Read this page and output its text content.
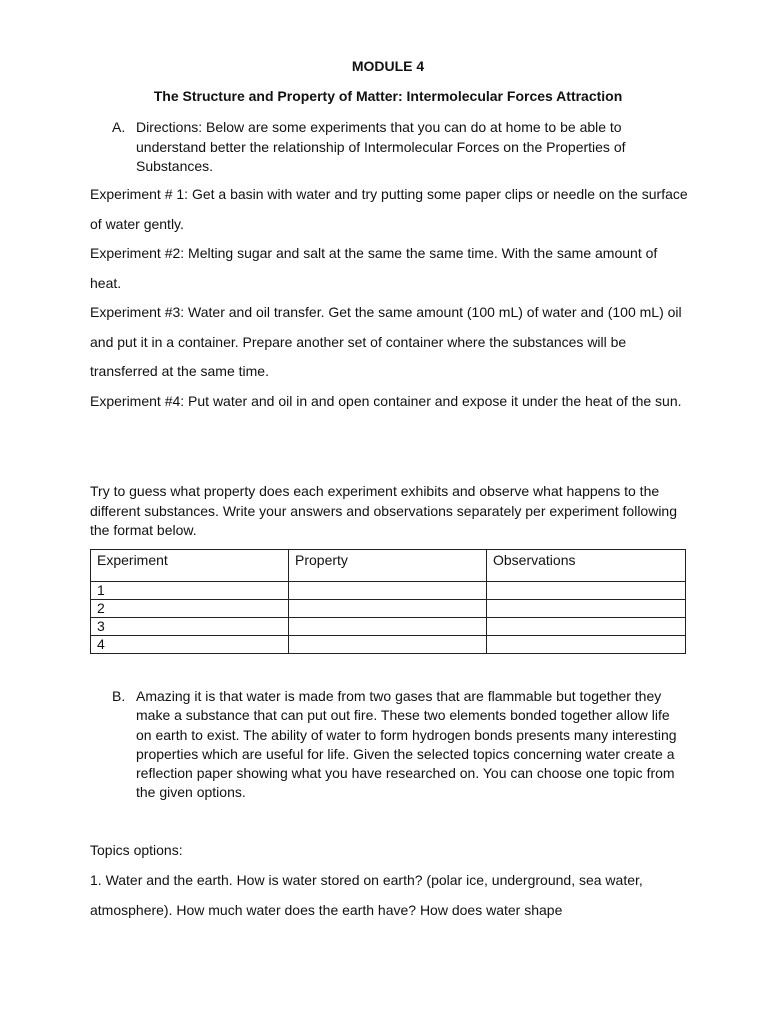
MODULE 4
The Structure and Property of Matter: Intermolecular Forces Attraction
A. Directions: Below are some experiments that you can do at home to be able to understand better the relationship of Intermolecular Forces on the Properties of Substances.
Experiment # 1: Get a basin with water and try putting some paper clips or needle on the surface of water gently.
Experiment #2: Melting sugar and salt at the same the same time. With the same amount of heat.
Experiment #3: Water and oil transfer. Get the same amount (100 mL) of water and (100 mL) oil and put it in a container. Prepare another set of container where the substances will be transferred at the same time.
Experiment #4: Put water and oil in and open container and expose it under the heat of the sun.
Try to guess what property does each experiment exhibits and observe what happens to the different substances. Write your answers and observations separately per experiment following the format below.
Experiment	Property	Observations
1		
2		
3		
4		
B. Amazing it is that water is made from two gases that are flammable but together they make a substance that can put out fire. These two elements bonded together allow life on earth to exist. The ability of water to form hydrogen bonds presents many interesting properties which are useful for life. Given the selected topics concerning water create a reflection paper showing what you have researched on. You can choose one topic from the given options.
Topics options:
1. Water and the earth. How is water stored on earth? (polar ice, underground, sea water, atmosphere). How much water does the earth have? How does water shape
